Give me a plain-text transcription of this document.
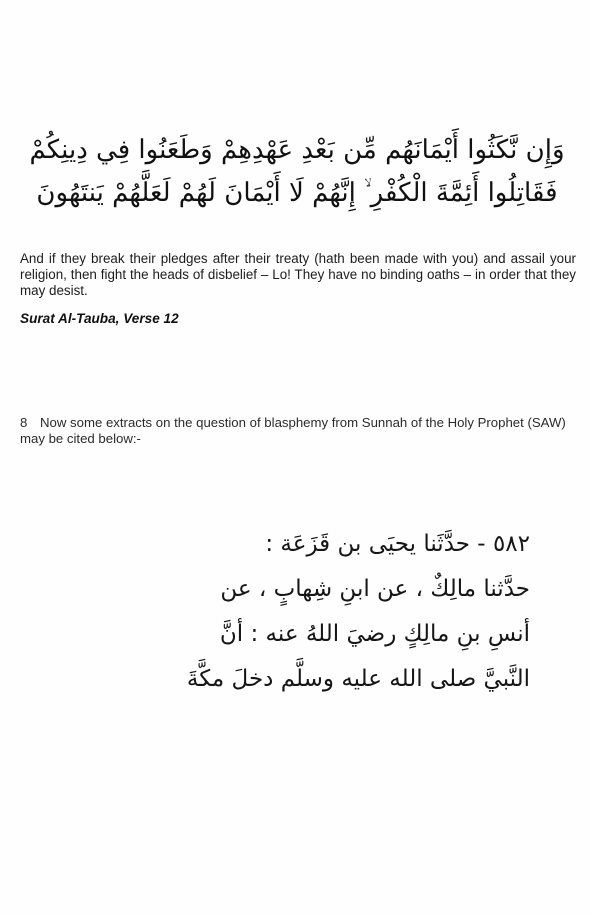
وَإِن نَّكَثُوا أَيْمَانَهُم مِّن بَعْدِ عَهْدِهِمْ وَطَعَنُوا فِي دِينِكُمْ
فَقَاتِلُوا أَئِمَّةَ الْكُفْرِ ۙ إِنَّهُمْ لَا أَيْمَانَ لَهُمْ لَعَلَّهُمْ يَنتَهُونَ

And if they break their pledges after their treaty (hath been made with you) and assail your religion, then fight the heads of disbelief – Lo! They have no binding oaths – in order that they may desist.

Surat Al-Tauba, Verse 12

8 Now some extracts on the question of blasphemy from Sunnah of the Holy Prophet (SAW) may be cited below:-

٥٨٢ - حدَّثَنا يحيَى بن قَزَعَة :
حدَّثنا مالِكٌ ، عن ابنِ شِهابٍ ، عن
أنسِ بنِ مالِكٍ رضيَ اللهُ عنه : أنَّ
النَّبيَّ صلى الله عليه وسلَّم دخلَ مكَّةَ
